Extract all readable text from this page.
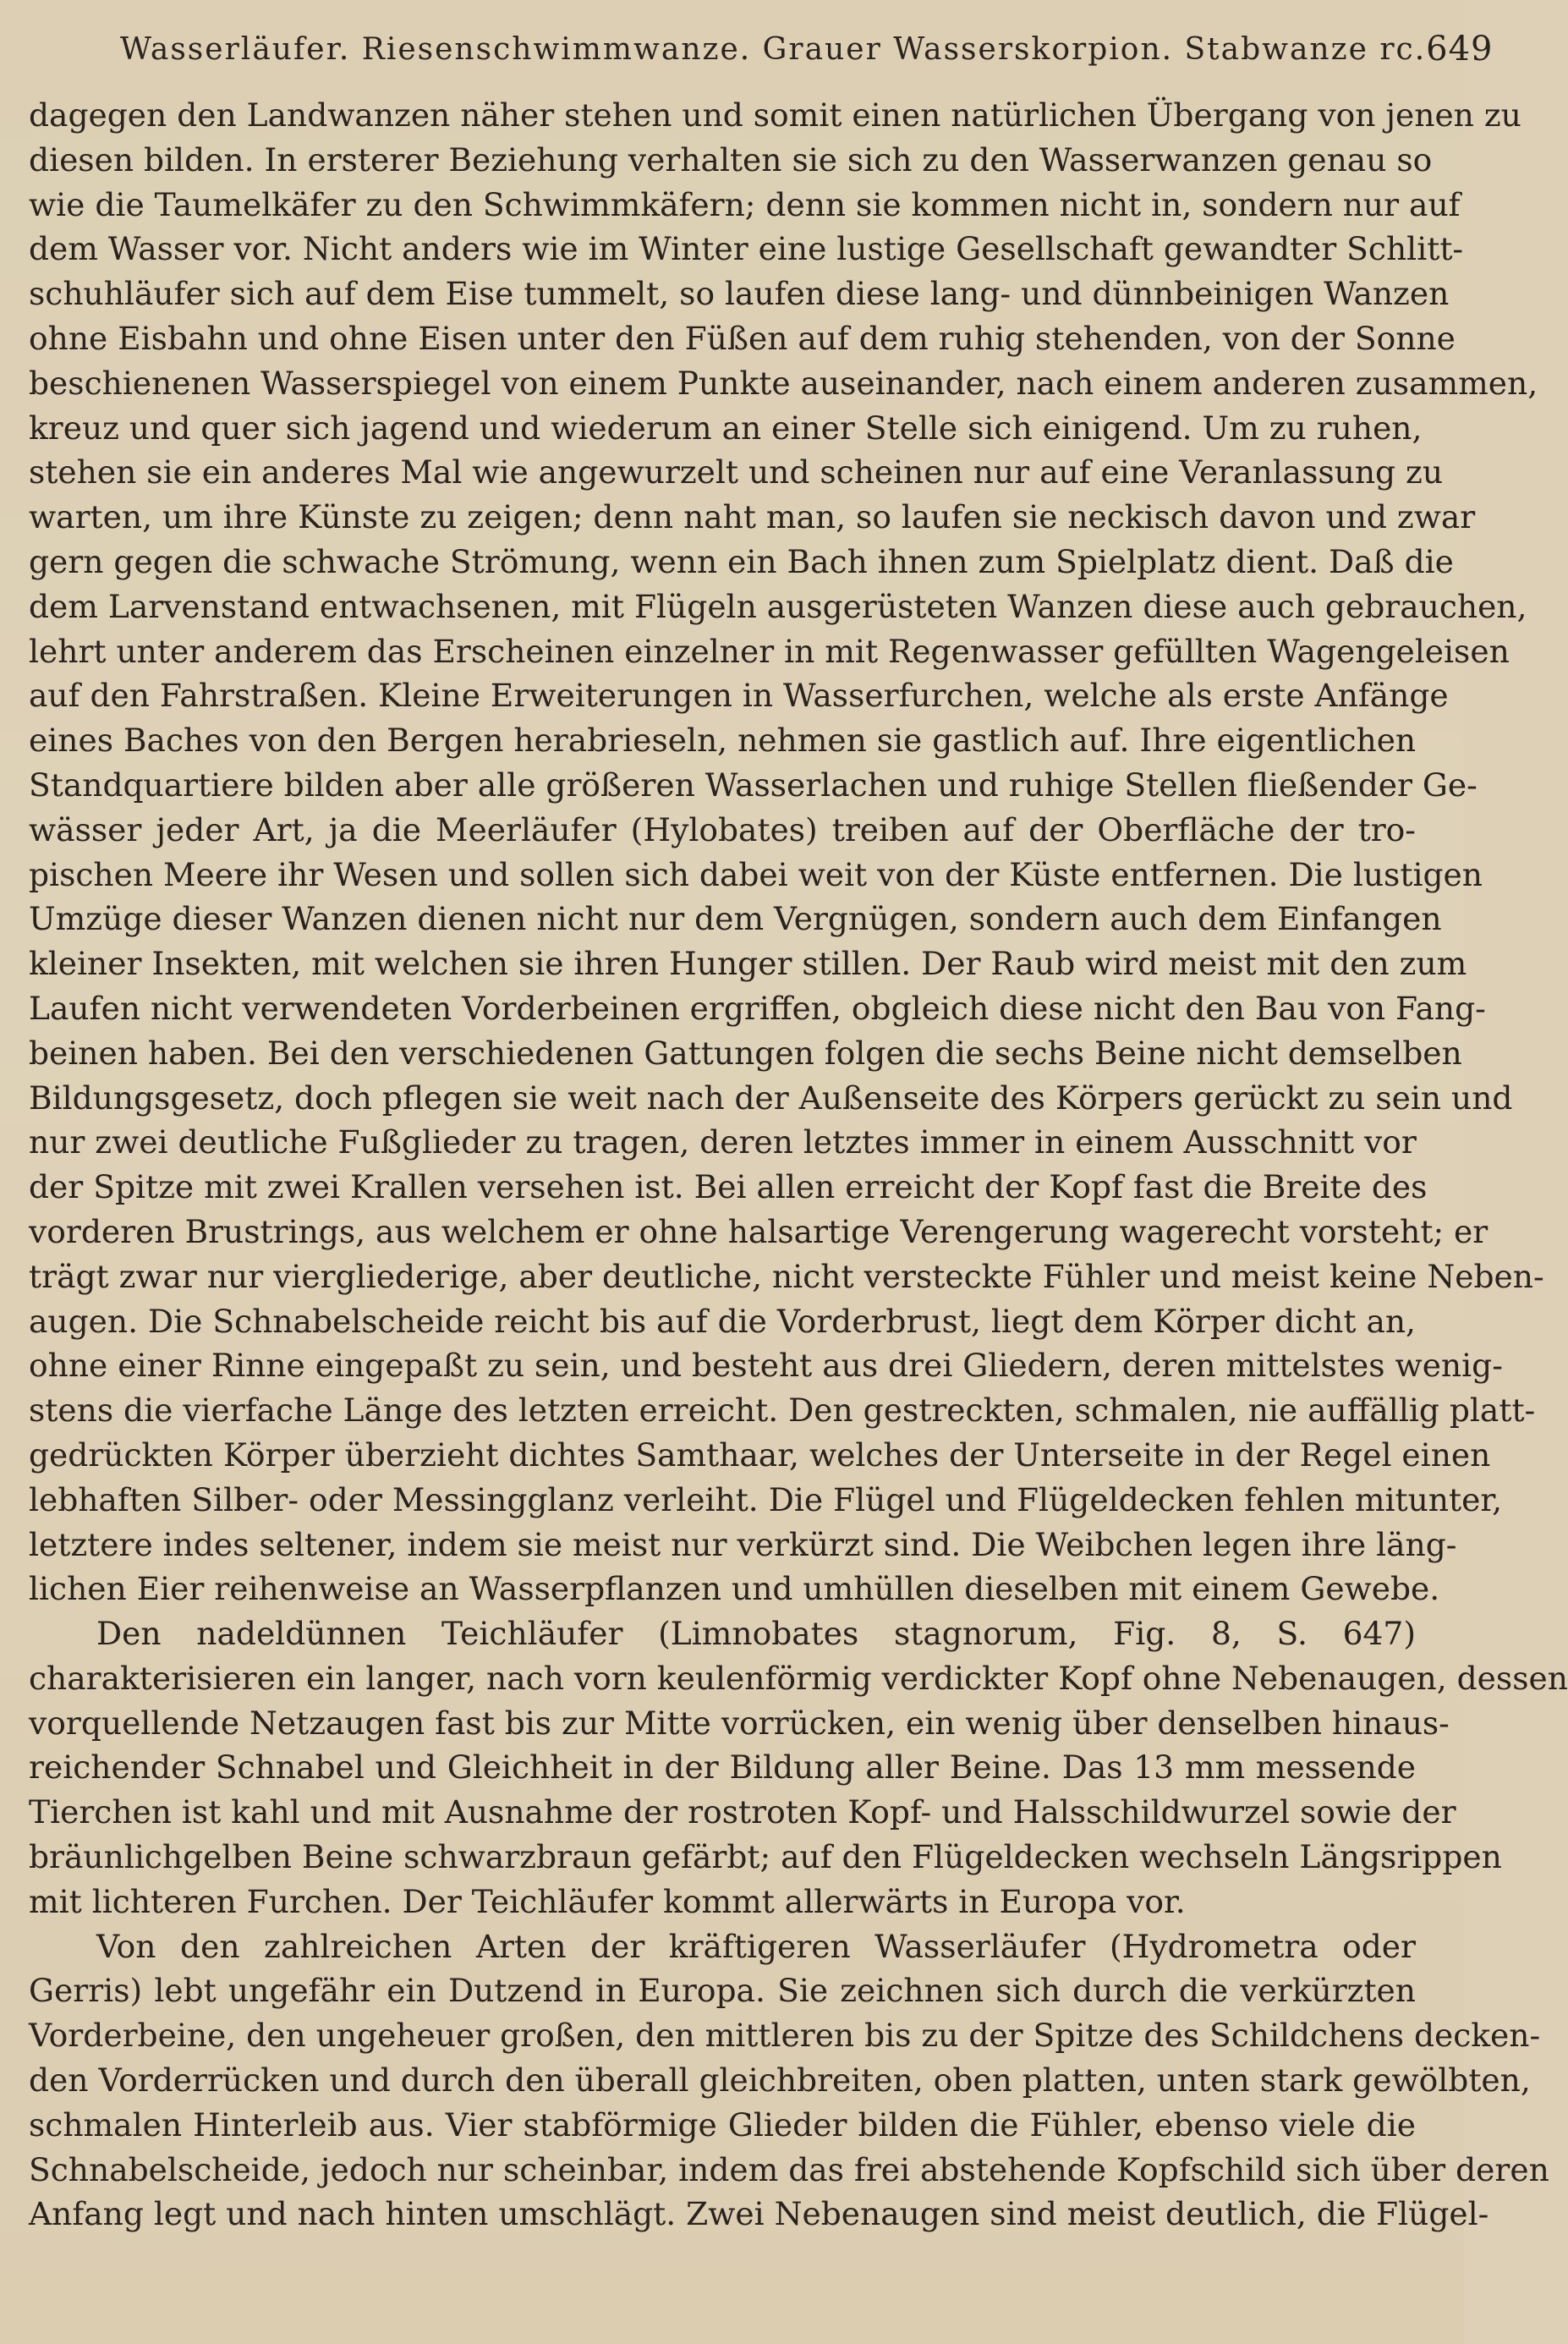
Wasserläufer. Riesenschwimmwanze. Grauer Wasserskorpion. Stabwanze rc. 649
dagegen den Landwanzen näher stehen und somit einen natürlichen Übergang von jenen zu
diesen bilden. In ersterer Beziehung verhalten sie sich zu den Wasserwanzen genau so
wie die Taumelkäfer zu den Schwimmkäfern; denn sie kommen nicht in, sondern nur auf
dem Wasser vor. Nicht anders wie im Winter eine lustige Gesellschaft gewandter Schlitt-
schuhläufer sich auf dem Eise tummelt, so laufen diese lang- und dünnbeinigen Wanzen
ohne Eisbahn und ohne Eisen unter den Füßen auf dem ruhig stehenden, von der Sonne
beschienenen Wasserspiegel von einem Punkte auseinander, nach einem anderen zusammen,
kreuz und quer sich jagend und wiederum an einer Stelle sich einigend. Um zu ruhen,
stehen sie ein anderes Mal wie angewurzelt und scheinen nur auf eine Veranlassung zu
warten, um ihre Künste zu zeigen; denn naht man, so laufen sie neckisch davon und zwar
gern gegen die schwache Strömung, wenn ein Bach ihnen zum Spielplatz dient. Daß die
dem Larvenstand entwachsenen, mit Flügeln ausgerüsteten Wanzen diese auch gebrauchen,
lehrt unter anderem das Erscheinen einzelner in mit Regenwasser gefüllten Wagengeleisen
auf den Fahrstraßen. Kleine Erweiterungen in Wasserfurchen, welche als erste Anfänge
eines Baches von den Bergen herabrieseln, nehmen sie gastlich auf. Ihre eigentlichen
Standquartiere bilden aber alle größeren Wasserlachen und ruhige Stellen fließender Ge-
wässer jeder Art, ja die Meerläufer (Hylobates) treiben auf der Oberfläche der tro-
pischen Meere ihr Wesen und sollen sich dabei weit von der Küste entfernen. Die lustigen
Umzüge dieser Wanzen dienen nicht nur dem Vergnügen, sondern auch dem Einfangen
kleiner Insekten, mit welchen sie ihren Hunger stillen. Der Raub wird meist mit den zum
Laufen nicht verwendeten Vorderbeinen ergriffen, obgleich diese nicht den Bau von Fang-
beinen haben. Bei den verschiedenen Gattungen folgen die sechs Beine nicht demselben
Bildungsgesetz, doch pflegen sie weit nach der Außenseite des Körpers gerückt zu sein und
nur zwei deutliche Fußglieder zu tragen, deren letztes immer in einem Ausschnitt vor
der Spitze mit zwei Krallen versehen ist. Bei allen erreicht der Kopf fast die Breite des
vorderen Brustrings, aus welchem er ohne halsartige Verengerung wagerecht vorsteht; er
trägt zwar nur viergliederige, aber deutliche, nicht versteckte Fühler und meist keine Neben-
augen. Die Schnabelscheide reicht bis auf die Vorderbrust, liegt dem Körper dicht an,
ohne einer Rinne eingepaßt zu sein, und besteht aus drei Gliedern, deren mittelstes wenig-
stens die vierfache Länge des letzten erreicht. Den gestreckten, schmalen, nie auffällig platt-
gedrückten Körper überzieht dichtes Samthaar, welches der Unterseite in der Regel einen
lebhaften Silber- oder Messingglanz verleiht. Die Flügel und Flügeldecken fehlen mitunter,
letztere indes seltener, indem sie meist nur verkürzt sind. Die Weibchen legen ihre läng-
lichen Eier reihenweise an Wasserpflanzen und umhüllen dieselben mit einem Gewebe.
Den nadeldünnen Teichläufer (Limnobates stagnorum, Fig. 8, S. 647)
charakterisieren ein langer, nach vorn keulenförmig verdickter Kopf ohne Nebenaugen, dessen
vorquellende Netzaugen fast bis zur Mitte vorrücken, ein wenig über denselben hinaus-
reichender Schnabel und Gleichheit in der Bildung aller Beine. Das 13 mm messende
Tierchen ist kahl und mit Ausnahme der rostroten Kopf- und Halsschildwurzel sowie der
bräunlichgelben Beine schwarzbraun gefärbt; auf den Flügeldecken wechseln Längsrippen
mit lichteren Furchen. Der Teichläufer kommt allerwärts in Europa vor.
Von den zahlreichen Arten der kräftigeren Wasserläufer (Hydrometra oder
Gerris) lebt ungefähr ein Dutzend in Europa. Sie zeichnen sich durch die verkürzten
Vorderbeine, den ungeheuer großen, den mittleren bis zu der Spitze des Schildchens decken-
den Vorderrücken und durch den überall gleichbreiten, oben platten, unten stark gewölbten,
schmalen Hinterleib aus. Vier stabförmige Glieder bilden die Fühler, ebenso viele die
Schnabelscheide, jedoch nur scheinbar, indem das frei abstehende Kopfschild sich über deren
Anfang legt und nach hinten umschlägt. Zwei Nebenaugen sind meist deutlich, die Flügel-
